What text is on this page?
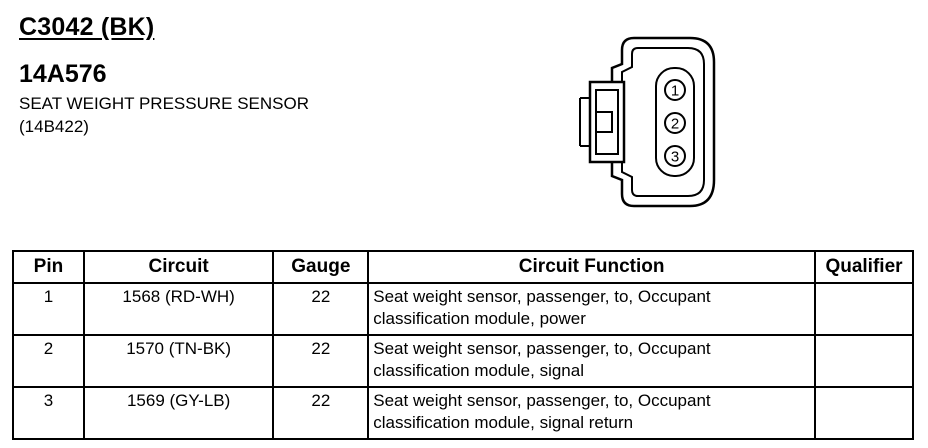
C3042 (BK)
14A576
SEAT WEIGHT PRESSURE SENSOR
(14B422)
1
2
3
Pin	Circuit	Gauge	Circuit Function	Qualifier
1	1568 (RD-WH)	22	Seat weight sensor, passenger, to, Occupant
classification module, power	

2	1570 (TN-BK)	22	Seat weight sensor, passenger, to, Occupant
classification module, signal	

3	1569 (GY-LB)	22	Seat weight sensor, passenger, to, Occupant
classification module, signal return	
